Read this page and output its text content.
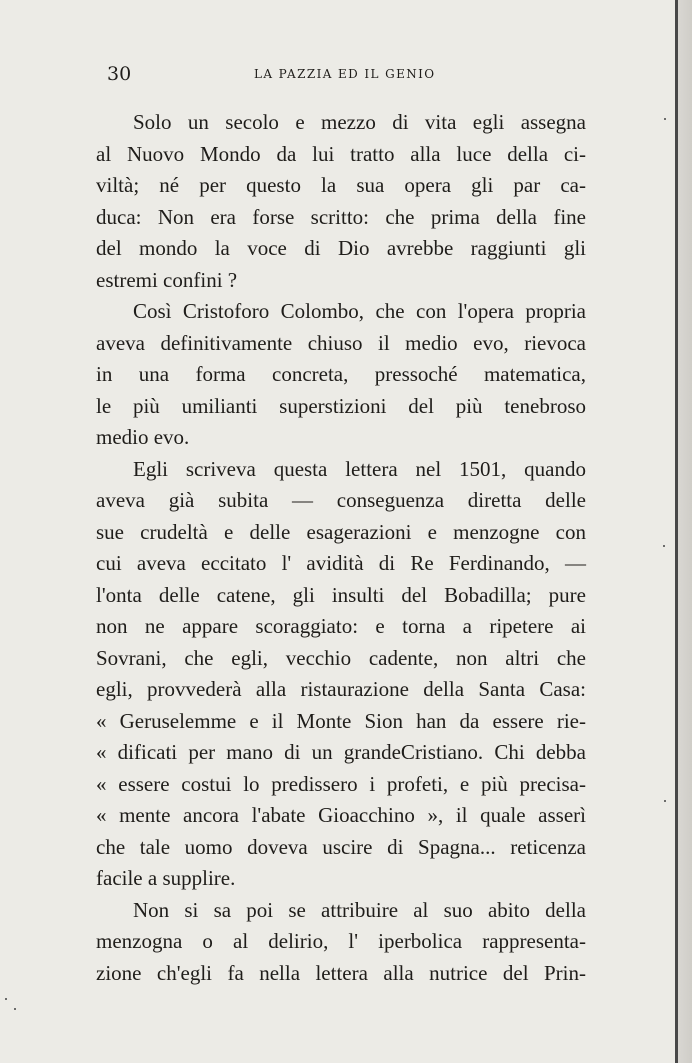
30	LA PAZZIA ED IL GENIO
Solo un secolo e mezzo di vita egli assegna
al Nuovo Mondo da lui tratto alla luce della ci-
viltà; né per questo la sua opera gli par ca-
duca: Non era forse scritto: che prima della fine
del mondo la voce di Dio avrebbe raggiunti gli
estremi confini ?
Così Cristoforo Colombo, che con l'opera propria
aveva definitivamente chiuso il medio evo, rievoca
in una forma concreta, pressoché matematica,
le più umilianti superstizioni del più tenebroso
medio evo.
Egli scriveva questa lettera nel 1501, quando
aveva già subita — conseguenza diretta delle
sue crudeltà e delle esagerazioni e menzogne con
cui aveva eccitato l' avidità di Re Ferdinando, —
l'onta delle catene, gli insulti del Bobadilla; pure
non ne appare scoraggiato: e torna a ripetere ai
Sovrani, che egli, vecchio cadente, non altri che
egli, provvederà alla ristaurazione della Santa Casa:
« Geruselemme e il Monte Sion han da essere rie-
« dificati per mano di un grandeCristiano. Chi debba
« essere costui lo predissero i profeti, e più precisa-
« mente ancora l'abate Gioacchino », il quale asserì
che tale uomo doveva uscire di Spagna... reticenza
facile a supplire.
Non si sa poi se attribuire al suo abito della
menzogna o al delirio, l' iperbolica rappresenta-
zione ch'egli fa nella lettera alla nutrice del Prin-
